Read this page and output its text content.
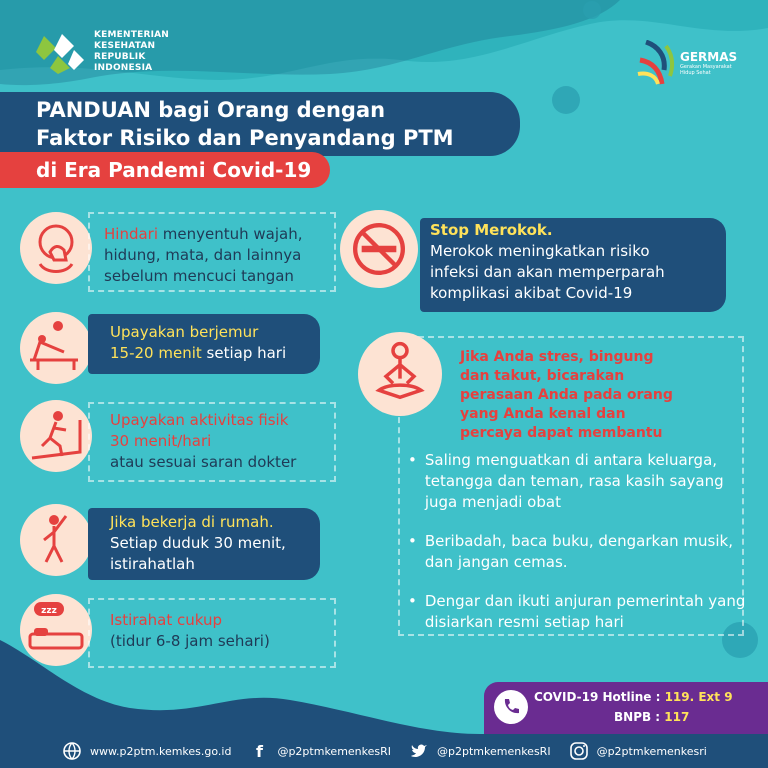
KEMENTERIAN
KESEHATAN
REPUBLIK
INDONESIA
GERMAS
Gerakan Masyarakat Hidup Sehat
PANDUAN bagi Orang dengan
Faktor Risiko dan Penyandang PTM
di Era Pandemi Covid-19
Hindari menyentuh wajah,
hidung, mata, dan lainnya
sebelum mencuci tangan
Upayakan berjemur
15-20 menit setiap hari
Upayakan aktivitas fisik
30 menit/hari
atau sesuai saran dokter
Jika bekerja di rumah.
Setiap duduk 30 menit,
istirahatlah
zzz	Istirahat cukup
(tidur 6-8 jam sehari)
Stop Merokok.
Merokok meningkatkan risiko
infeksi dan akan memperparah
komplikasi akibat Covid-19
Jika Anda stres, bingung
dan takut, bicarakan
perasaan Anda pada orang
yang Anda kenal dan
percaya dapat membantu
• Saling menguatkan di antara keluarga, tetangga dan teman, rasa kasih sayang juga menjadi obat
• Beribadah, baca buku, dengarkan musik, dan jangan cemas.
• Dengar dan ikuti anjuran pemerintah yang disiarkan resmi setiap hari
COVID-19 Hotline : 119. Ext 9
BNPB : 117
www.p2ptm.kemkes.go.id	f	@p2ptmkemenkesRI	@p2ptmkemenkesRI	@p2ptmkemenkesri
